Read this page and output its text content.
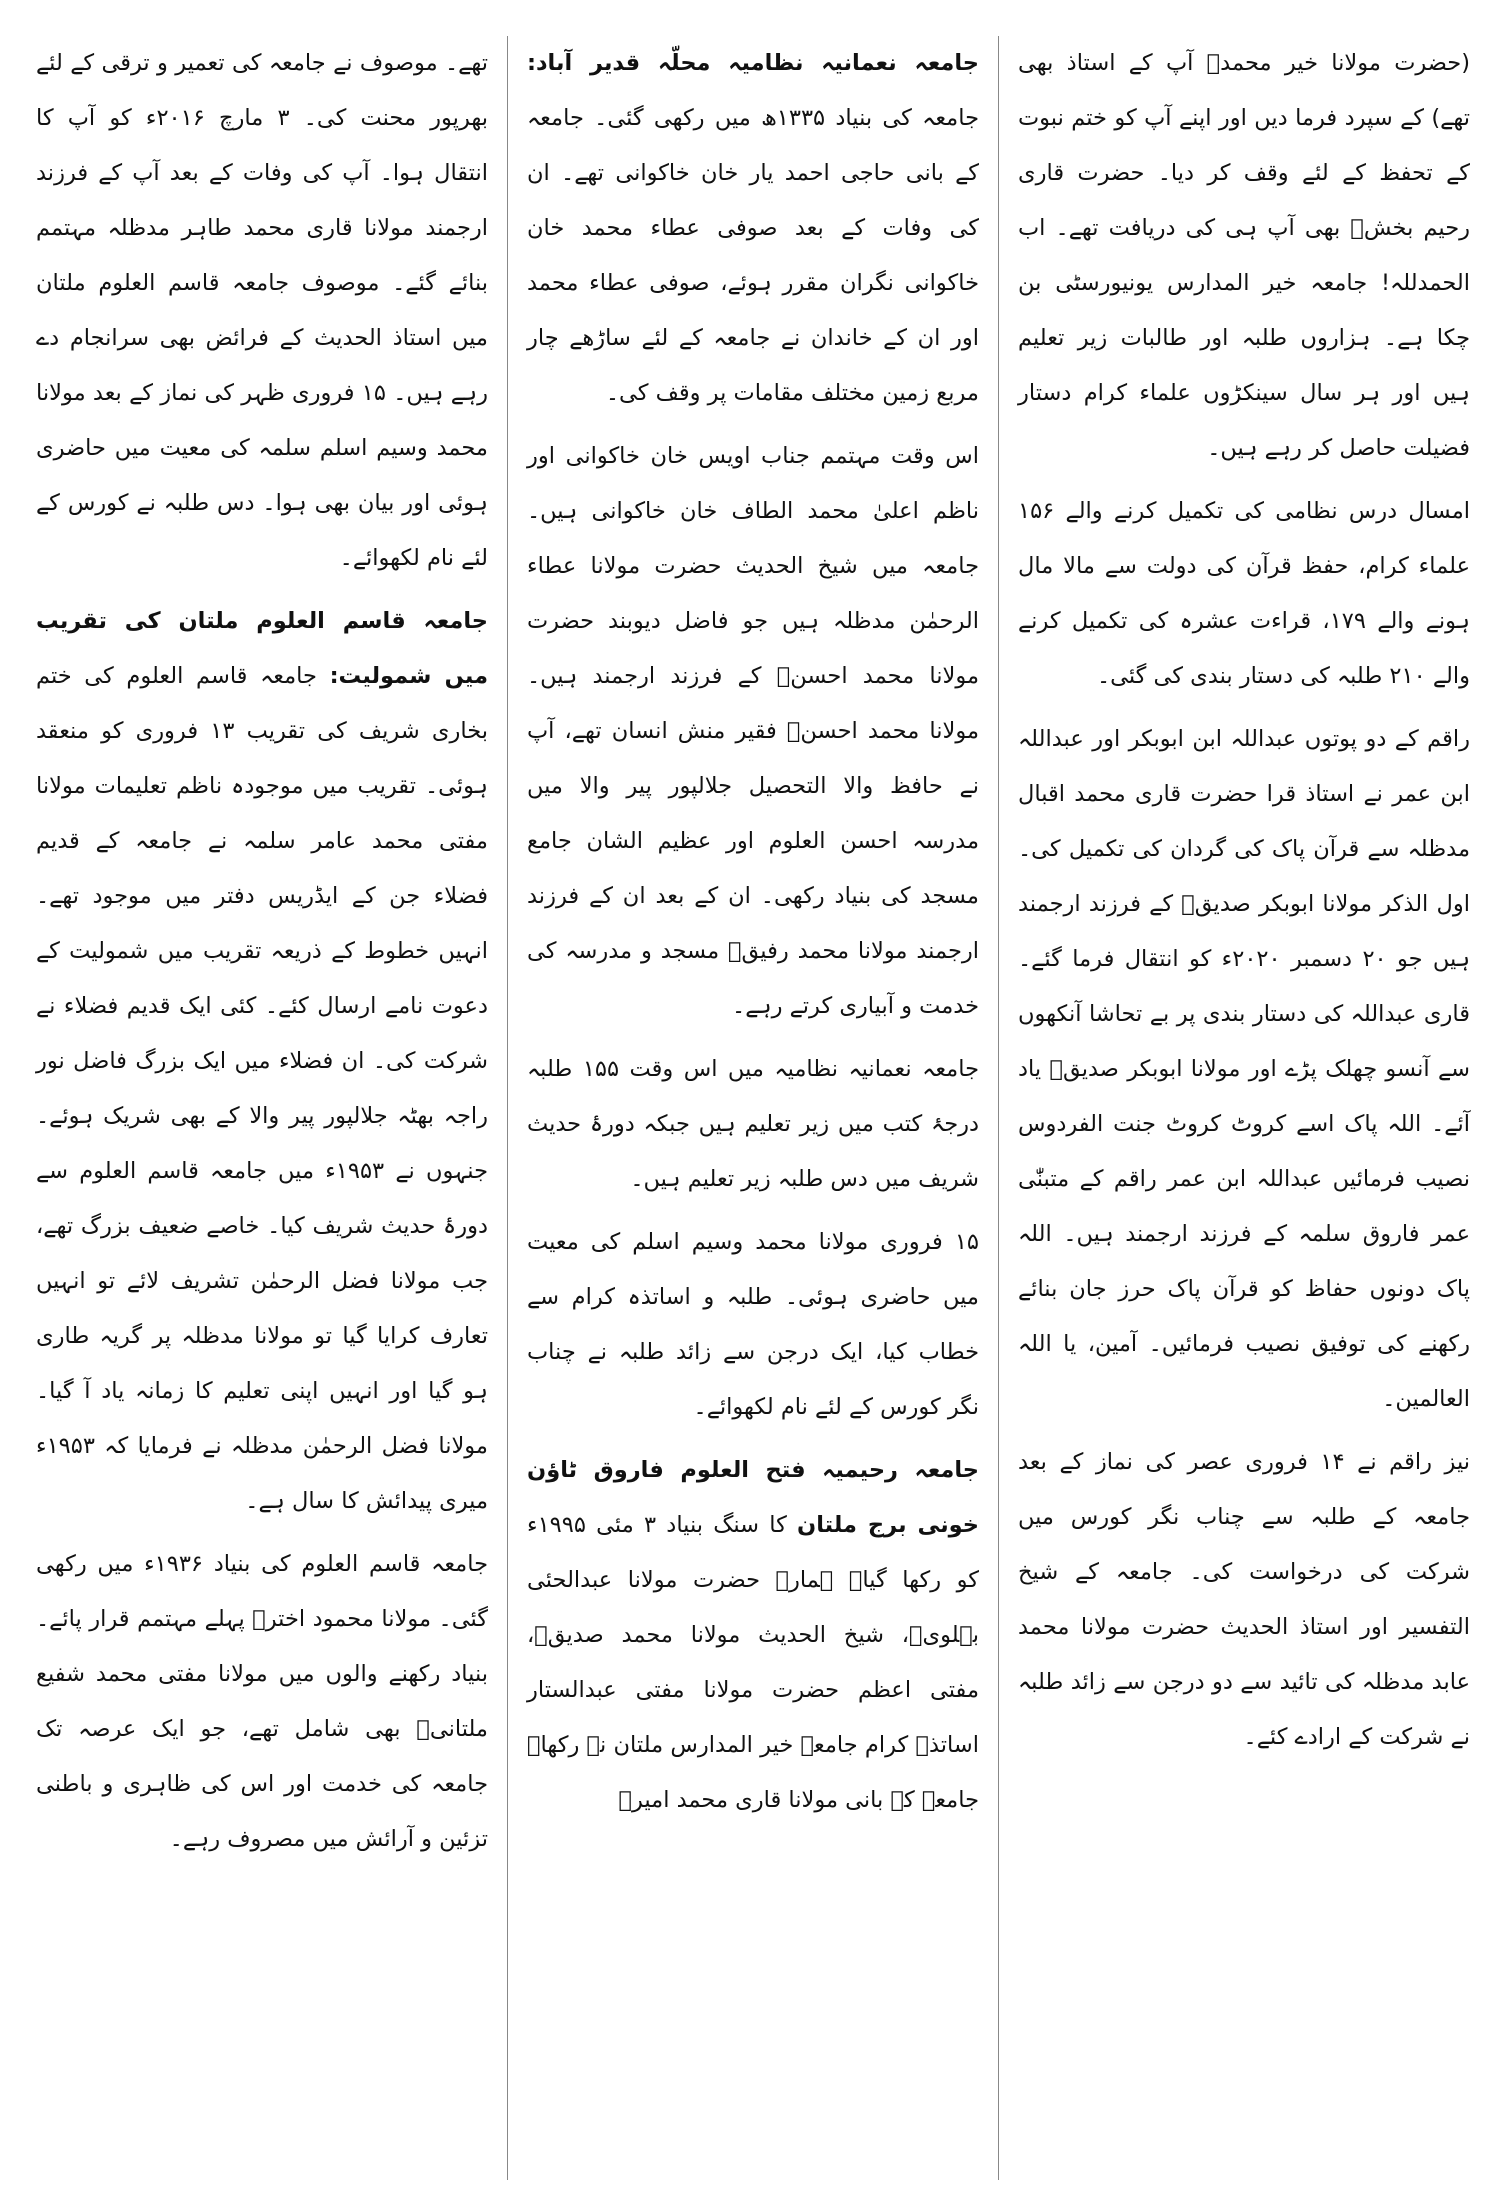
(حضرت مولانا خیر محمدؒ آپ کے استاذ بھی تھے) کے سپرد فرما دیں اور اپنے آپ کو ختم نبوت کے تحفظ کے لئے وقف کر دیا۔ حضرت قاری رحیم بخشؒ بھی آپ ہی کی دریافت تھے۔ اب الحمدللہ! جامعہ خیر المدارس یونیورسٹی بن چکا ہے۔ ہزاروں طلبہ اور طالبات زیر تعلیم ہیں اور ہر سال سینکڑوں علماء کرام دستار فضیلت حاصل کر رہے ہیں۔

امسال درس نظامی کی تکمیل کرنے والے ۱۵۶ علماء کرام، حفظ قرآن کی دولت سے مالا مال ہونے والے ۱۷۹، قراءت عشرہ کی تکمیل کرنے والے ۲۱۰ طلبہ کی دستار بندی کی گئی۔

راقم کے دو پوتوں عبداللہ ابن ابوبکر اور عبداللہ ابن عمر نے استاذ قرا حضرت قاری محمد اقبال مدظلہ سے قرآن پاک کی گردان کی تکمیل کی۔ اول الذکر مولانا ابوبکر صدیقؒ کے فرزند ارجمند ہیں جو ۲۰ دسمبر ۲۰۲۰ء کو انتقال فرما گئے۔ قاری عبداللہ کی دستار بندی پر بے تحاشا آنکھوں سے آنسو چھلک پڑے اور مولانا ابوبکر صدیقؒ یاد آئے۔ اللہ پاک اسے کروٹ کروٹ جنت الفردوس نصیب فرمائیں عبداللہ ابن عمر راقم کے متبنّٰی عمر فاروق سلمہ کے فرزند ارجمند ہیں۔ اللہ پاک دونوں حفاظ کو قرآن پاک حرز جان بنائے رکھنے کی توفیق نصیب فرمائیں۔ آمین، یا اللہ العالمین۔

نیز راقم نے ۱۴ فروری عصر کی نماز کے بعد جامعہ کے طلبہ سے چناب نگر کورس میں شرکت کی درخواست کی۔ جامعہ کے شیخ التفسیر اور استاذ الحدیث حضرت مولانا محمد عابد مدظلہ کی تائید سے دو درجن سے زائد طلبہ نے شرکت کے ارادے کئے۔

جامعہ نعمانیہ نظامیہ محلّہ قدیر آباد: جامعہ کی بنیاد ۱۳۳۵ھ میں رکھی گئی۔ جامعہ کے بانی حاجی احمد یار خان خاکوانی تھے۔ ان کی وفات کے بعد صوفی عطاء محمد خان خاکوانی نگران مقرر ہوئے، صوفی عطاء محمد اور ان کے خاندان نے جامعہ کے لئے ساڑھے چار مربع زمین مختلف مقامات پر وقف کی۔

اس وقت مہتمم جناب اویس خان خاکوانی اور ناظم اعلیٰ محمد الطاف خان خاکوانی ہیں۔ جامعہ میں شیخ الحدیث حضرت مولانا عطاء الرحمٰن مدظلہ ہیں جو فاضل دیوبند حضرت مولانا محمد احسنؒ کے فرزند ارجمند ہیں۔ مولانا محمد احسنؒ فقیر منش انسان تھے، آپ نے حافظ والا التحصیل جلالپور پیر والا میں مدرسہ احسن العلوم اور عظیم الشان جامع مسجد کی بنیاد رکھی۔ ان کے بعد ان کے فرزند ارجمند مولانا محمد رفیقؒ مسجد و مدرسہ کی خدمت و آبیاری کرتے رہے۔

جامعہ نعمانیہ نظامیہ میں اس وقت ۱۵۵ طلبہ درجۂ کتب میں زیر تعلیم ہیں جبکہ دورۂ حدیث شریف میں دس طلبہ زیر تعلیم ہیں۔

۱۵ فروری مولانا محمد وسیم اسلم کی معیت میں حاضری ہوئی۔ طلبہ و اساتذہ کرام سے خطاب کیا، ایک درجن سے زائد طلبہ نے چناب نگر کورس کے لئے نام لکھوائے۔

جامعہ رحیمیہ فتح العلوم فاروق ٹاؤن خونی برج ملتان کا سنگ بنیاد ۳ مئی ۱۹۹۵ء کو رکھا گیا۔ ہمارے حضرت مولانا عبدالحئی بہلویؒ، شیخ الحدیث مولانا محمد صدیقؒ، مفتی اعظم حضرت مولانا مفتی عبدالستار اساتذہ کرام جامعہ خیر المدارس ملتان نے رکھا۔ جامعہ کے بانی مولانا قاری محمد امیرؒ

تھے۔ موصوف نے جامعہ کی تعمیر و ترقی کے لئے بھرپور محنت کی۔ ۳ مارچ ۲۰۱۶ء کو آپ کا انتقال ہوا۔ آپ کی وفات کے بعد آپ کے فرزند ارجمند مولانا قاری محمد طاہر مدظلہ مہتمم بنائے گئے۔ موصوف جامعہ قاسم العلوم ملتان میں استاذ الحدیث کے فرائض بھی سرانجام دے رہے ہیں۔ ۱۵ فروری ظہر کی نماز کے بعد مولانا محمد وسیم اسلم سلمہ کی معیت میں حاضری ہوئی اور بیان بھی ہوا۔ دس طلبہ نے کورس کے لئے نام لکھوائے۔

جامعہ قاسم العلوم ملتان کی تقریب میں شمولیت: جامعہ قاسم العلوم کی ختم بخاری شریف کی تقریب ۱۳ فروری کو منعقد ہوئی۔ تقریب میں موجودہ ناظم تعلیمات مولانا مفتی محمد عامر سلمہ نے جامعہ کے قدیم فضلاء جن کے ایڈریس دفتر میں موجود تھے۔ انہیں خطوط کے ذریعہ تقریب میں شمولیت کے دعوت نامے ارسال کئے۔ کئی ایک قدیم فضلاء نے شرکت کی۔ ان فضلاء میں ایک بزرگ فاضل نور راجہ بھٹہ جلالپور پیر والا کے بھی شریک ہوئے۔ جنہوں نے ۱۹۵۳ء میں جامعہ قاسم العلوم سے دورۂ حدیث شریف کیا۔ خاصے ضعیف بزرگ تھے، جب مولانا فضل الرحمٰن تشریف لائے تو انہیں تعارف کرایا گیا تو مولانا مدظلہ پر گریہ طاری ہو گیا اور انہیں اپنی تعلیم کا زمانہ یاد آ گیا۔ مولانا فضل الرحمٰن مدظلہ نے فرمایا کہ ۱۹۵۳ء میری پیدائش کا سال ہے۔

جامعہ قاسم العلوم کی بنیاد ۱۹۳۶ء میں رکھی گئی۔ مولانا محمود اخترؒ پہلے مہتمم قرار پائے۔ بنیاد رکھنے والوں میں مولانا مفتی محمد شفیع ملتانیؒ بھی شامل تھے، جو ایک عرصہ تک جامعہ کی خدمت اور اس کی ظاہری و باطنی تزئین و آرائش میں مصروف رہے۔
